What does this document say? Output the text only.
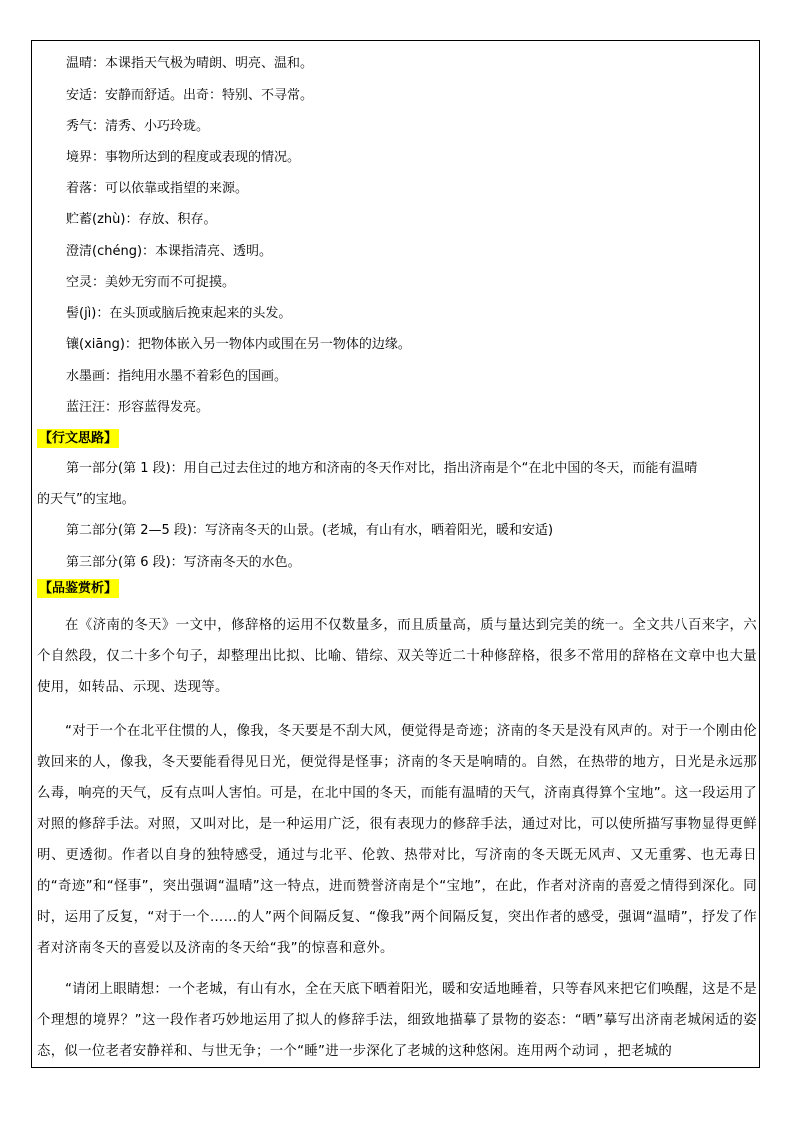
温晴：本课指天气极为晴朗、明亮、温和。
安适：安静而舒适。出奇：特别、不寻常。
秀气：清秀、小巧玲珑。
境界：事物所达到的程度或表现的情况。
着落：可以依靠或指望的来源。
贮蓄(zhù)：存放、积存。
澄清(chéng)：本课指清亮、透明。
空灵：美妙无穷而不可捉摸。
髻(jì)：在头顶或脑后挽束起来的头发。
镶(xiāng)：把物体嵌入另一物体内或围在另一物体的边缘。
水墨画：指纯用水墨不着彩色的国画。
蓝汪汪：形容蓝得发亮。
【行文思路】
第一部分(第 1 段)：用自己过去住过的地方和济南的冬天作对比，指出济南是个“在北中国的冬天，而能有温晴
的天气”的宝地。
第二部分(第 2—5 段)：写济南冬天的山景。(老城，有山有水，晒着阳光，暖和安适)
第三部分(第 6 段)：写济南冬天的水色。
【品鉴赏析】
在《济南的冬天》一文中，修辞格的运用不仅数量多，而且质量高，质与量达到完美的统一。全文共八百来字，六个自然段，仅二十多个句子，却整理出比拟、比喻、错综、双关等近二十种修辞格，很多不常用的辞格在文章中也大量使用，如转品、示现、迭现等。
“对于一个在北平住惯的人，像我，冬天要是不刮大风，便觉得是奇迹；济南的冬天是没有风声的。对于一个刚由伦敦回来的人，像我，冬天要能看得见日光，便觉得是怪事；济南的冬天是响晴的。自然，在热带的地方，日光是永远那么毒，响亮的天气，反有点叫人害怕。可是，在北中国的冬天，而能有温晴的天气，济南真得算个宝地”。这一段运用了对照的修辞手法。对照，又叫对比，是一种运用广泛，很有表现力的修辞手法，通过对比，可以使所描写事物显得更鲜明、更透彻。作者以自身的独特感受，通过与北平、伦敦、热带对比，写济南的冬天既无风声、又无重雾、也无毒日的“奇迹”和“怪事”，突出强调“温晴”这一特点，进而赞誉济南是个“宝地”，在此，作者对济南的喜爱之情得到深化。同时，运用了反复，“对于一个……的人”两个间隔反复、“像我”两个间隔反复，突出作者的感受，强调“温晴”，抒发了作者对济南冬天的喜爱以及济南的冬天给“我”的惊喜和意外。
“请闭上眼睛想：一个老城，有山有水，全在天底下晒着阳光，暖和安适地睡着，只等春风来把它们唤醒，这是不是个理想的境界？”这一段作者巧妙地运用了拟人的修辞手法，细致地描摹了景物的姿态：“晒”摹写出济南老城闲适的姿态，似一位老者安静祥和、与世无争；一个“睡”进一步深化了老城的这种悠闲。连用两个动词 ，把老城的
